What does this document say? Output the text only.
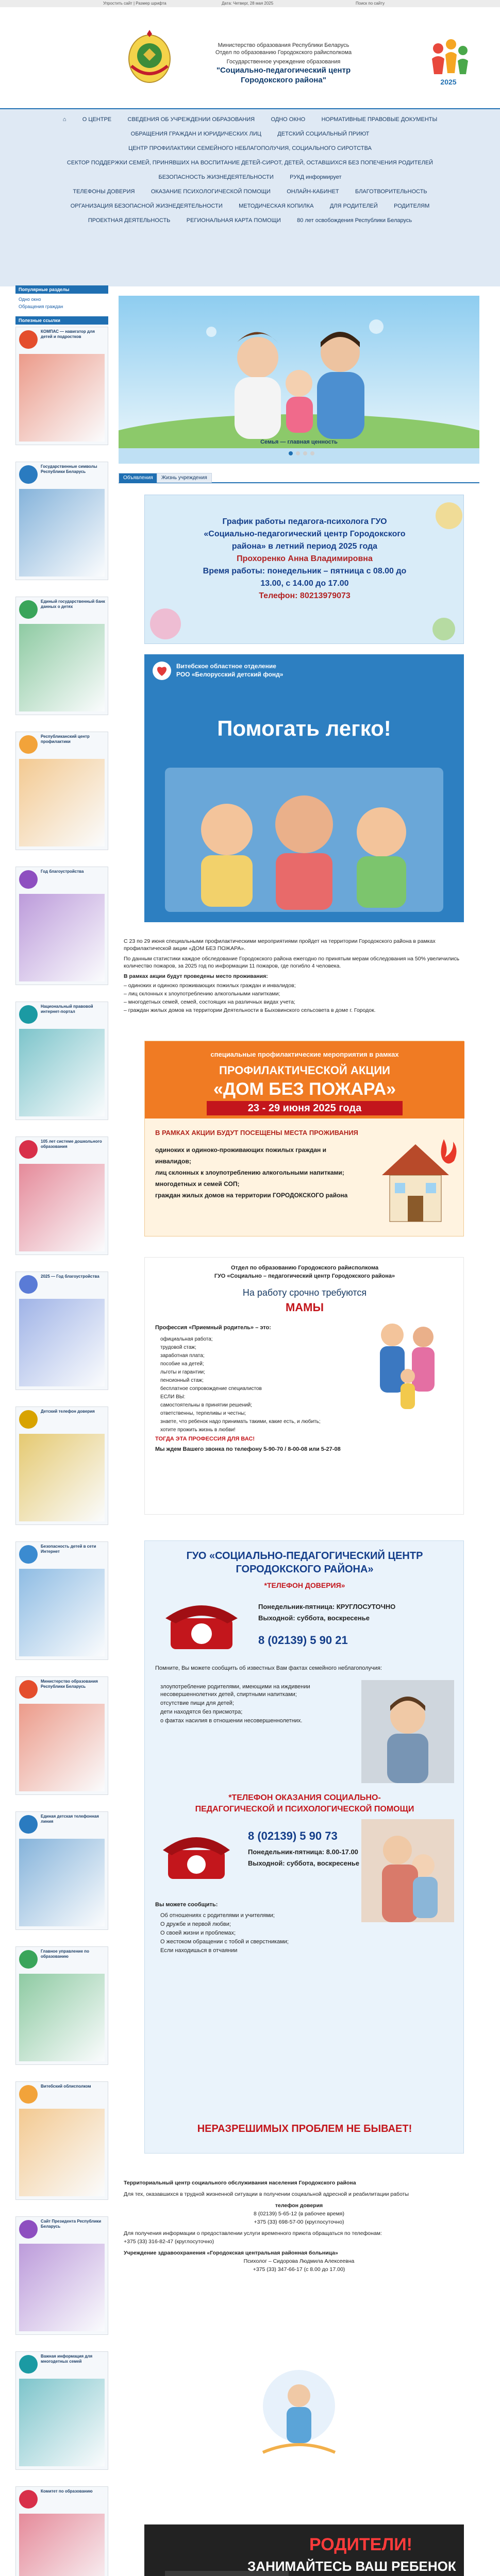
Упростить сайт | Размер шрифта	Дата: Четверг, 28 мая 2025	Поиск по сайту
Министерство образования Республики Беларусь
Отдел по образованию Городокского райисполкома
Государственное учреждение образования
"Социально-педагогический центр
Городокского района"	2025
⌂	О ЦЕНТРЕ	СВЕДЕНИЯ ОБ УЧРЕЖДЕНИИ ОБРАЗОВАНИЯ	ОДНО ОКНО	НОРМАТИВНЫЕ ПРАВОВЫЕ ДОКУМЕНТЫ
ОБРАЩЕНИЯ ГРАЖДАН И ЮРИДИЧЕСКИХ ЛИЦ	ДЕТСКИЙ СОЦИАЛЬНЫЙ ПРИЮТ
ЦЕНТР ПРОФИЛАКТИКИ СЕМЕЙНОГО НЕБЛАГОПОЛУЧИЯ, СОЦИАЛЬНОГО СИРОТСТВА
СЕКТОР ПОДДЕРЖКИ СЕМЕЙ, ПРИНЯВШИХ НА ВОСПИТАНИЕ ДЕТЕЙ-СИРОТ, ДЕТЕЙ, ОСТАВШИХСЯ БЕЗ ПОПЕЧЕНИЯ РОДИТЕЛЕЙ
БЕЗОПАСНОСТЬ ЖИЗНЕДЕЯТЕЛЬНОСТИ	РУКД информирует
ТЕЛЕФОНЫ ДОВЕРИЯ	ОКАЗАНИЕ ПСИХОЛОГИЧЕСКОЙ ПОМОЩИ	ОНЛАЙН-КАБИНЕТ	БЛАГОТВОРИТЕЛЬНОСТЬ
ОРГАНИЗАЦИЯ БЕЗОПАСНОЙ ЖИЗНЕДЕЯТЕЛЬНОСТИ	МЕТОДИЧЕСКАЯ КОПИЛКА	ДЛЯ РОДИТЕЛЕЙ	РОДИТЕЛЯМ
ПРОЕКТНАЯ ДЕЯТЕЛЬНОСТЬ	РЕГИОНАЛЬНАЯ КАРТА ПОМОЩИ	80 лет освобождения Республики Беларусь
Популярные разделы
Одно окно
Обращения граждан
Полезные ссылки
КОМПАС — навигатор для детей и подростков
Государственные символы Республики Беларусь
Единый государственный банк данных о детях
Республиканский центр профилактики
Год благоустройства
Национальный правовой интернет-портал
105 лет системе дошкольного образования
2025 — Год благоустройства
Детский телефон доверия
Безопасность детей в сети Интернет
Министерство образования Республики Беларусь
Единая детская телефонная линия
Главное управление по образованию
Витебский облисполком
Сайт Президента Республики Беларусь
Важная информация для многодетных семей
Комитет по образованию
Семья — главная ценность
Объявления	Жизнь учреждения
График работы педагога-психолога ГУО
«Социально-педагогический центр Городокского
района» в летний период 2025 года
Прохоренко Анна Владимировна
Время работы: понедельник – пятница с 08.00 до
13.00, с 14.00 до 17.00
Телефон: 80213979073
Витебское областное отделение
РОО «Белорусский детский фонд»
Помогать легко!

С 23 по 29 июня специальными профилактическими мероприятиями пройдет на территории Городокского района в рамках профилактической акции «ДОМ БЕЗ ПОЖАРА».

По данным статистики каждое обследование Городокского района ежегодно по принятым мерам обследования на 50% увеличились количество пожаров, за 2025 год по информации 11 пожаров, где погибло 4 человека.

В рамках акции будут проведены место проживания:

– одиноких и одиноко проживающих пожилых граждан и инвалидов;

– лиц склонных к злоупотреблению алкогольными напитками;

– многодетных семей, семей, состоящих на различных видах учета;

– граждан жилых домов на территории Деятельности в Быховинского сельсовета в доме г. Городок.

специальные профилактические мероприятия в рамках
ПРОФИЛАКТИЧЕСКОЙ АКЦИИ
«ДОМ БЕЗ ПОЖАРА»
23 - 29 июня 2025 года
В РАМКАХ АКЦИИ БУДУТ ПОСЕЩЕНЫ МЕСТА ПРОЖИВАНИЯ
одиноких и одиноко-проживающих пожилых граждан и инвалидов;
лиц склонных к злоупотреблению алкогольными напитками;
многодетных и семей СОП;
граждан жилых домов на территории ГОРОДОКСКОГО района
Отдел по образованию Городокского райисполкома
ГУО «Социально – педагогический центр Городокского района»
На работу срочно требуются
МАМЫ
Профессия «Приемный родитель» – это:
официальная работа;
трудовой стаж;
заработная плата;
пособие на детей;
льготы и гарантии;
пенсионный стаж;
бесплатное сопровождение специалистов
ЕСЛИ ВЫ:
самостоятельны в принятии решений;
ответственны, терпеливы и честны;
знаете, что ребенок надо принимать такими, какие есть, и любить;
хотите прожить жизнь в любви!
ТОГДА ЭТА ПРОФЕССИЯ ДЛЯ ВАС!
Мы ждем Вашего звонка по телефону 5-90-70 / 8-00-08 или 5-27-08
ГУО «СОЦИАЛЬНО-ПЕДАГОГИЧЕСКИЙ ЦЕНТР
ГОРОДОКСКОГО РАЙОНА»
*ТЕЛЕФОН ДОВЕРИЯ»
Понедельник-пятница: КРУГЛОСУТОЧНО
Выходной: суббота, воскресенье
8 (02139) 5 90 21
Помните, Вы можете сообщить об известных Вам фактах семейного неблагополучия:
злоупотребление родителями, имеющими на иждивении несовершеннолетних детей, спиртными напитками;
отсутствие пищи для детей;
дети находятся без присмотра;
о фактах насилия в отношении несовершеннолетних.
*ТЕЛЕФОН ОКАЗАНИЯ СОЦИАЛЬНО-
ПЕДАГОГИЧЕСКОЙ И ПСИХОЛОГИЧЕСКОЙ ПОМОЩИ
8 (02139) 5 90 73
Понедельник-пятница: 8.00-17.00
Выходной: суббота, воскресенье
Вы можете сообщить:
Об отношениях с родителями и учителями;
О дружбе и первой любви;
О своей жизни и проблемах;
О жестоком обращении с тобой и сверстниками;
Если находишься в отчаянии
НЕРАЗРЕШИМЫХ ПРОБЛЕМ НЕ БЫВАЕТ!

Территориальный центр социального обслуживания населения Городокского района

Для тех, оказавшихся в трудной жизненной ситуации в получении социальной адресной и реабилитации работы

телефон доверия

8 (02139) 5-65-12 (в рабочее время)

+375 (33) 698-57-00 (круглосуточно)

Для получения информации о предоставлении услуги временного приюта обращаться по телефонам:

+375 (33) 316-82-47 (круглосуточно)

Учреждение здравоохранения «Городокская центральная районная больница»

Психолог – Сидорова Людмила Алексеевна

+375 (33) 347-66-17 (с 8.00 до 17.00)

РОДИТЕЛИ!
ЗАНИМАЙТЕСЬ ВАШ РЕБЕНОК
